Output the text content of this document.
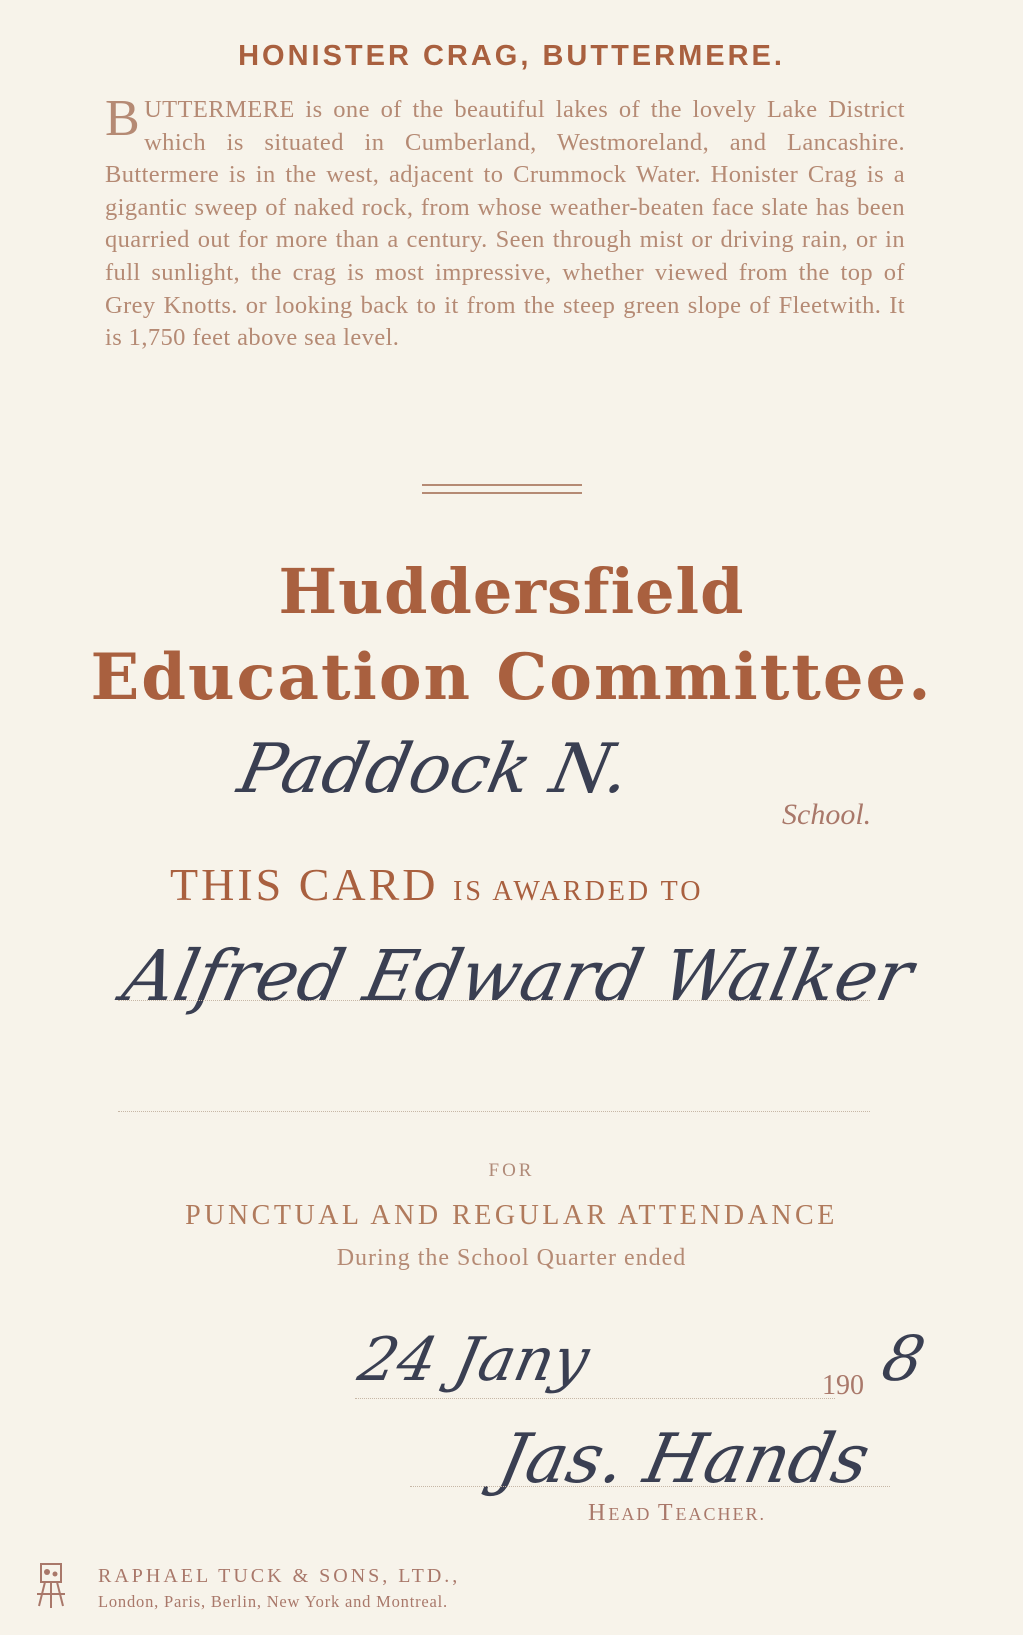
HONISTER CRAG, BUTTERMERE.
BUTTERMERE is one of the beautiful lakes of the lovely Lake District which is situated in Cumberland, Westmoreland, and Lancashire. Buttermere is in the west, adjacent to Crummock Water. Honister Crag is a gigantic sweep of naked rock, from whose weather-beaten face slate has been quarried out for more than a century. Seen through mist or driving rain, or in full sunlight, the crag is most impressive, whether viewed from the top of Grey Knotts. or looking back to it from the steep green slope of Fleetwith. It is 1,750 feet above sea level.
Huddersfield
Education Committee.
Paddock N.
School.
THIS CARD IS AWARDED TO
Alfred Edward Walker
FOR
PUNCTUAL AND REGULAR ATTENDANCE
During the School Quarter ended
24 Jany	190 8
Jas. Hands
HEAD TEACHER.
RAPHAEL TUCK & SONS, LTD.,
London, Paris, Berlin, New York and Montreal.
